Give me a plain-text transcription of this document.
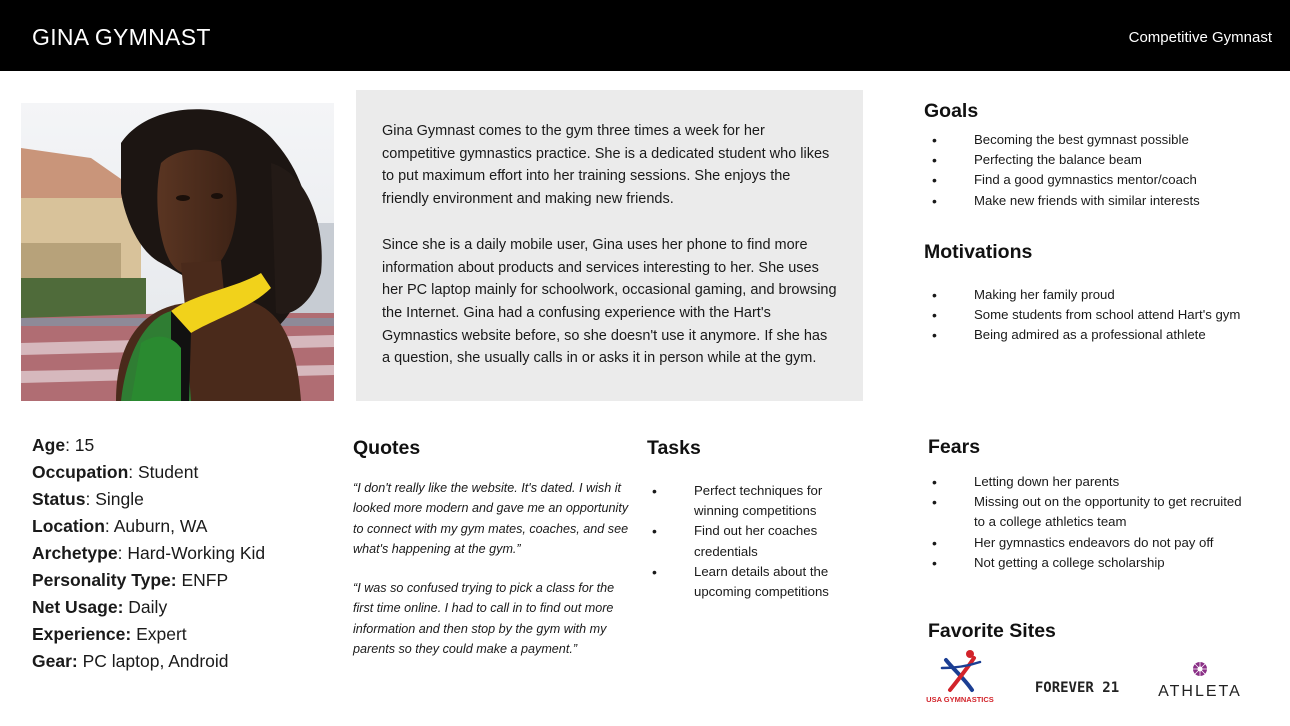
GINA GYMNAST	Competitive Gymnast

Gina Gymnast comes to the gym three times a week for her competitive gymnastics practice. She is a dedicated student who likes to put maximum effort into her training sessions. She enjoys the friendly environment and making new friends.

Since she is a daily mobile user, Gina uses her phone to find more information about products and services interesting to her. She uses her PC laptop mainly for schoolwork, occasional gaming, and browsing the Internet. Gina had a confusing experience with the Hart's Gymnastics website before, so she doesn't use it anymore. If she has a question, she usually calls in or asks it in person while at the gym.

Goals
• Becoming the best gymnast possible
• Perfecting the balance beam
• Find a good gymnastics mentor/coach
• Make new friends with similar interests
Motivations
• Making her family proud
• Some students from school attend Hart's gym
• Being admired as a professional athlete
Age: 15
Occupation: Student
Status: Single
Location: Auburn, WA
Archetype: Hard-Working Kid
Personality Type: ENFP
Net Usage: Daily
Experience: Expert
Gear: PC laptop, Android
Quotes

“I don't really like the website. It's dated. I wish it looked more modern and gave me an opportunity to connect with my gym mates, coaches, and see what's happening at the gym.”

“I was so confused trying to pick a class for the first time online. I had to call in to find out more information and then stop by the gym with my parents so they could make a payment.”

Tasks
• Perfect techniques for winning competitions
• Find out her coaches credentials
• Learn details about the upcoming competitions
Fears
• Letting down her parents
• Missing out on the opportunity to get recruited to a college athletics team
• Her gymnastics endeavors do not pay off
• Not getting a college scholarship
Favorite Sites
USA GYMNASTICS
FOREVER 21 ATHLETA
